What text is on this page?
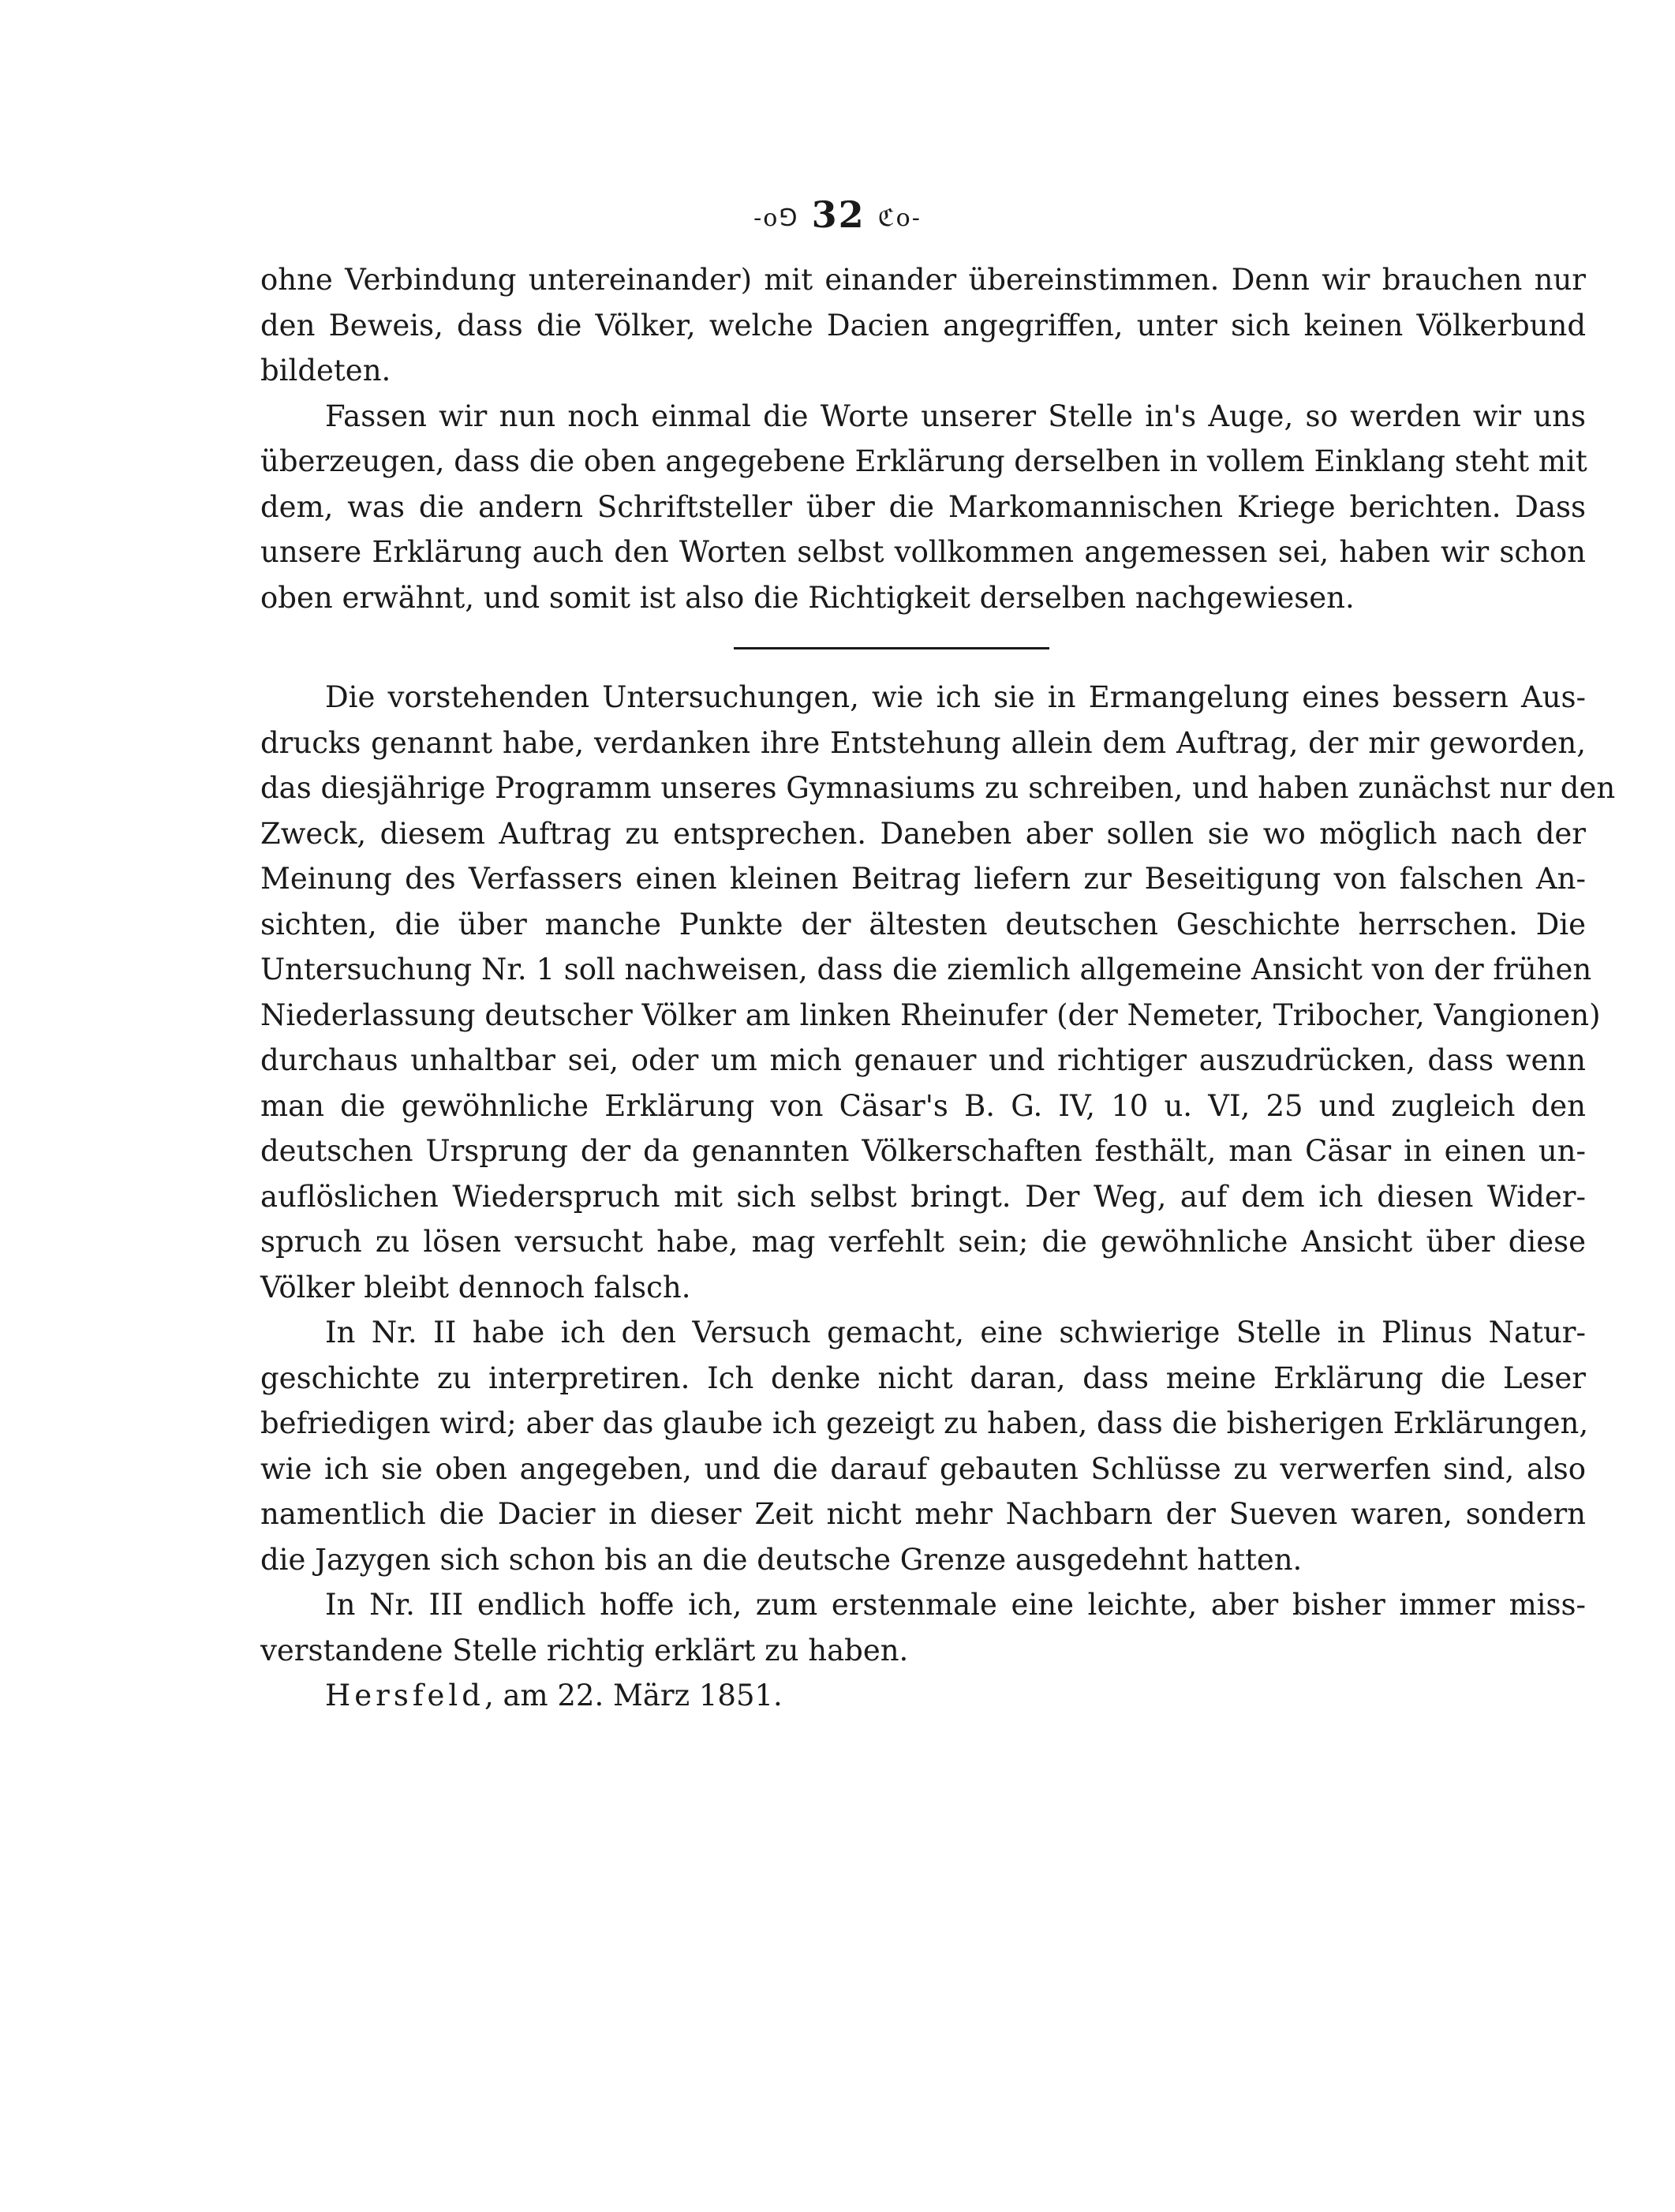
-o⅁ 32 ℭo-
ohne Verbindung untereinander) mit einander übereinstimmen. Denn wir brauchen nur
den Beweis, dass die Völker, welche Dacien angegriffen, unter sich keinen Völkerbund
bildeten.
Fassen wir nun noch einmal die Worte unserer Stelle in's Auge, so werden wir uns
überzeugen, dass die oben angegebene Erklärung derselben in vollem Einklang steht mit
dem, was die andern Schriftsteller über die Markomannischen Kriege berichten. Dass
unsere Erklärung auch den Worten selbst vollkommen angemessen sei, haben wir schon
oben erwähnt, und somit ist also die Richtigkeit derselben nachgewiesen.
Die vorstehenden Untersuchungen, wie ich sie in Ermangelung eines bessern Aus-
drucks genannt habe, verdanken ihre Entstehung allein dem Auftrag, der mir geworden,
das diesjährige Programm unseres Gymnasiums zu schreiben, und haben zunächst nur den
Zweck, diesem Auftrag zu entsprechen. Daneben aber sollen sie wo möglich nach der
Meinung des Verfassers einen kleinen Beitrag liefern zur Beseitigung von falschen An-
sichten, die über manche Punkte der ältesten deutschen Geschichte herrschen. Die
Untersuchung Nr. 1 soll nachweisen, dass die ziemlich allgemeine Ansicht von der frühen
Niederlassung deutscher Völker am linken Rheinufer (der Nemeter, Tribocher, Vangionen)
durchaus unhaltbar sei, oder um mich genauer und richtiger auszudrücken, dass wenn
man die gewöhnliche Erklärung von Cäsar's B. G. IV, 10 u. VI, 25 und zugleich den
deutschen Ursprung der da genannten Völkerschaften festhält, man Cäsar in einen un-
auflöslichen Wiederspruch mit sich selbst bringt. Der Weg, auf dem ich diesen Wider-
spruch zu lösen versucht habe, mag verfehlt sein; die gewöhnliche Ansicht über diese
Völker bleibt dennoch falsch.
In Nr. II habe ich den Versuch gemacht, eine schwierige Stelle in Plinus Natur-
geschichte zu interpretiren. Ich denke nicht daran, dass meine Erklärung die Leser
befriedigen wird; aber das glaube ich gezeigt zu haben, dass die bisherigen Erklärungen,
wie ich sie oben angegeben, und die darauf gebauten Schlüsse zu verwerfen sind, also
namentlich die Dacier in dieser Zeit nicht mehr Nachbarn der Sueven waren, sondern
die Jazygen sich schon bis an die deutsche Grenze ausgedehnt hatten.
In Nr. III endlich hoffe ich, zum erstenmale eine leichte, aber bisher immer miss-
verstandene Stelle richtig erklärt zu haben.
Hersfeld, am 22. März 1851.
